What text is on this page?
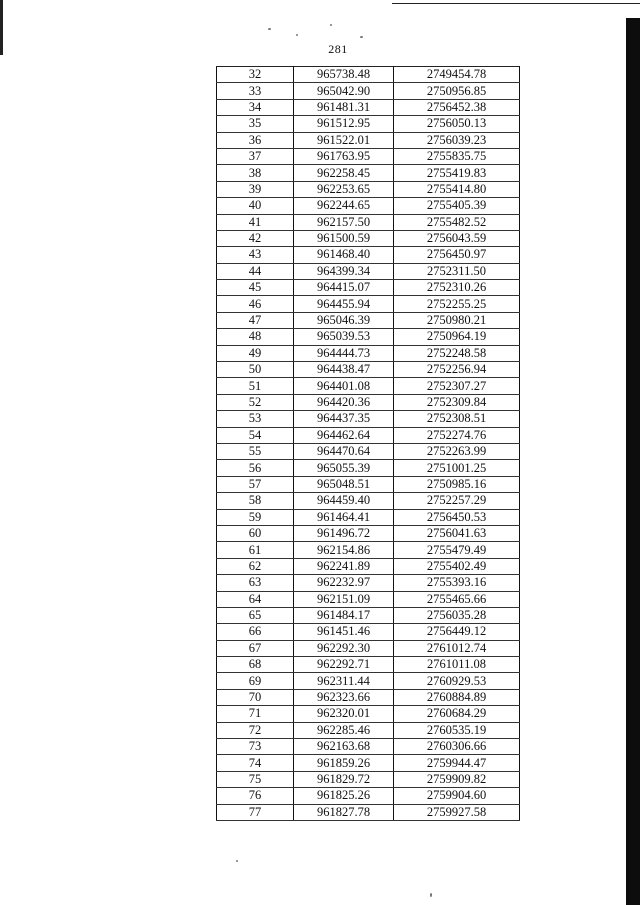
281
32	965738.48	2749454.78
33	965042.90	2750956.85
34	961481.31	2756452.38
35	961512.95	2756050.13
36	961522.01	2756039.23
37	961763.95	2755835.75
38	962258.45	2755419.83
39	962253.65	2755414.80
40	962244.65	2755405.39
41	962157.50	2755482.52
42	961500.59	2756043.59
43	961468.40	2756450.97
44	964399.34	2752311.50
45	964415.07	2752310.26
46	964455.94	2752255.25
47	965046.39	2750980.21
48	965039.53	2750964.19
49	964444.73	2752248.58
50	964438.47	2752256.94
51	964401.08	2752307.27
52	964420.36	2752309.84
53	964437.35	2752308.51
54	964462.64	2752274.76
55	964470.64	2752263.99
56	965055.39	2751001.25
57	965048.51	2750985.16
58	964459.40	2752257.29
59	961464.41	2756450.53
60	961496.72	2756041.63
61	962154.86	2755479.49
62	962241.89	2755402.49
63	962232.97	2755393.16
64	962151.09	2755465.66
65	961484.17	2756035.28
66	961451.46	2756449.12
67	962292.30	2761012.74
68	962292.71	2761011.08
69	962311.44	2760929.53
70	962323.66	2760884.89
71	962320.01	2760684.29
72	962285.46	2760535.19
73	962163.68	2760306.66
74	961859.26	2759944.47
75	961829.72	2759909.82
76	961825.26	2759904.60
77	961827.78	2759927.58
